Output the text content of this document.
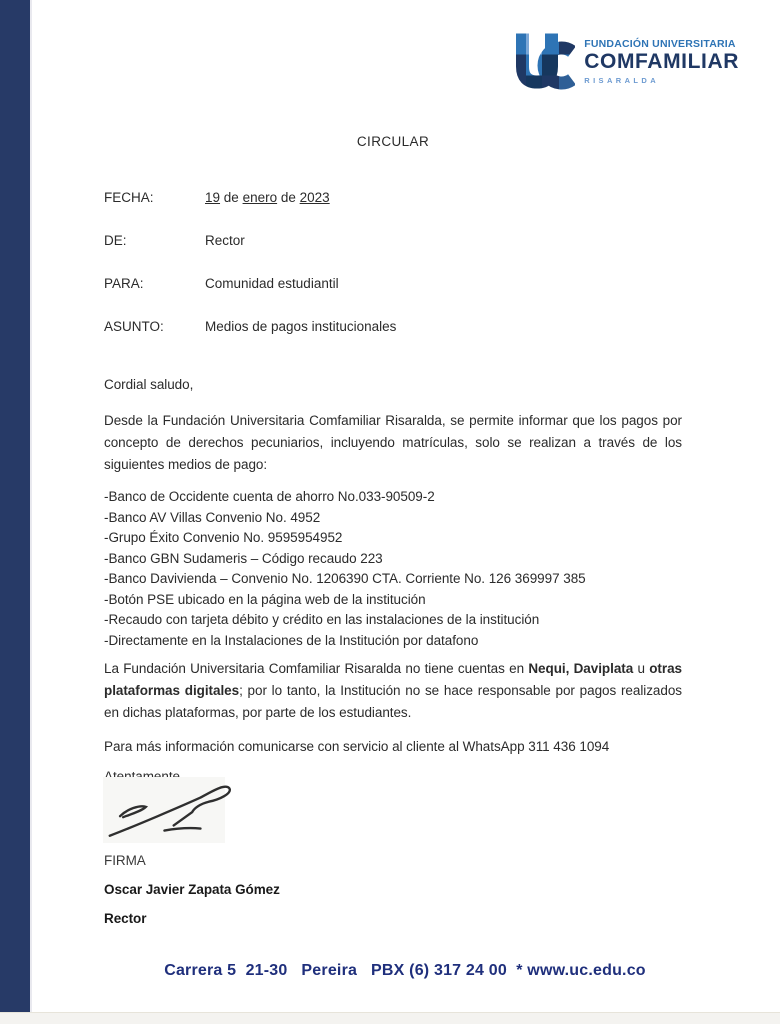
FUNDACIÓN UNIVERSITARIA
COMFAMILIAR
RISARALDA
CIRCULAR
FECHA:	19 de enero de 2023
DE:	Rector
PARA:	Comunidad estudiantil
ASUNTO:	Medios de pagos institucionales
Cordial saludo,
Desde la Fundación Universitaria Comfamiliar Risaralda, se permite informar que los pagos por concepto de derechos pecuniarios, incluyendo matrículas, solo se realizan a través de los siguientes medios de pago:
-Banco de Occidente cuenta de ahorro No.033-90509-2
-Banco AV Villas Convenio No. 4952
-Grupo Éxito Convenio No. 9595954952
-Banco GBN Sudameris – Código recaudo 223
-Banco Davivienda – Convenio No. 1206390 CTA. Corriente No. 126 369997 385
-Botón PSE ubicado en la página web de la institución
-Recaudo con tarjeta débito y crédito en las instalaciones de la institución
-Directamente en la Instalaciones de la Institución por datafono
La Fundación Universitaria Comfamiliar Risaralda no tiene cuentas en Nequi, Daviplata u otras plataformas digitales; por lo tanto, la Institución no se hace responsable por pagos realizados en dichas plataformas, por parte de los estudiantes.
Para más información comunicarse con servicio al cliente al WhatsApp 311 436 1094
FIRMA
Oscar Javier Zapata Gómez
Rector
Carrera 5  21-30   Pereira   PBX (6) 317 24 00  * www.uc.edu.co
